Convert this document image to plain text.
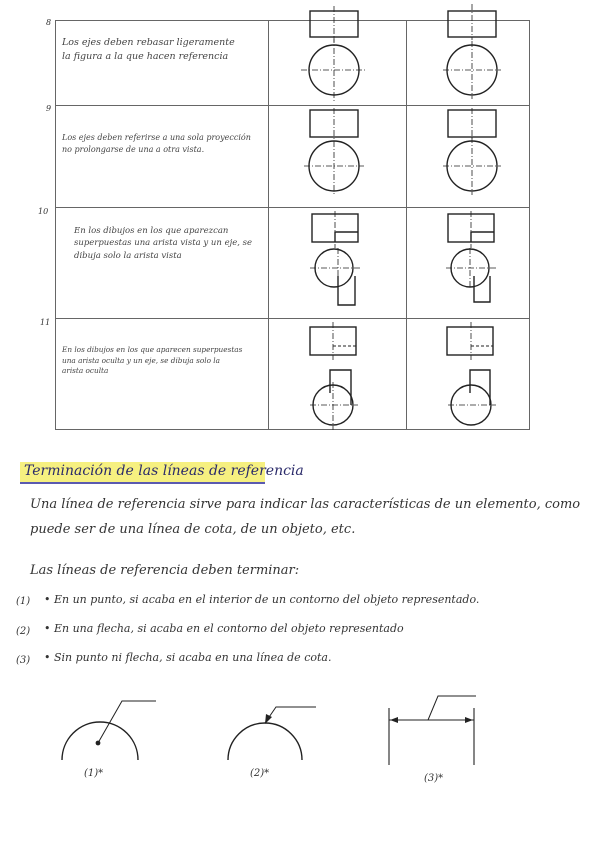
8
9
10
11
Los ejes deben rebasar ligeramente
la figura a la que hacen referencia
Los ejes deben referirse a una sola proyección
no prolongarse de una a otra vista.
En los dibujos en los que aparezcan
superpuestas una arista vista y un eje, se
dibuja solo la arista vista
En los dibujos en los que aparecen superpuestas
una arista oculta y un eje, se dibuja solo la
arista oculta
Terminación de las líneas de referencia
Una línea de referencia sirve para indicar las características de un elemento, como
puede ser de una línea de cota, de un objeto, etc.
Las líneas de referencia deben terminar:
(1) • En un punto, si acaba en el interior de un contorno del objeto representado.
(2) • En una flecha, si acaba en el contorno del objeto representado
(3) • Sin punto ni flecha, si acaba en una línea de cota.
(1)*	(2)*	(3)*
